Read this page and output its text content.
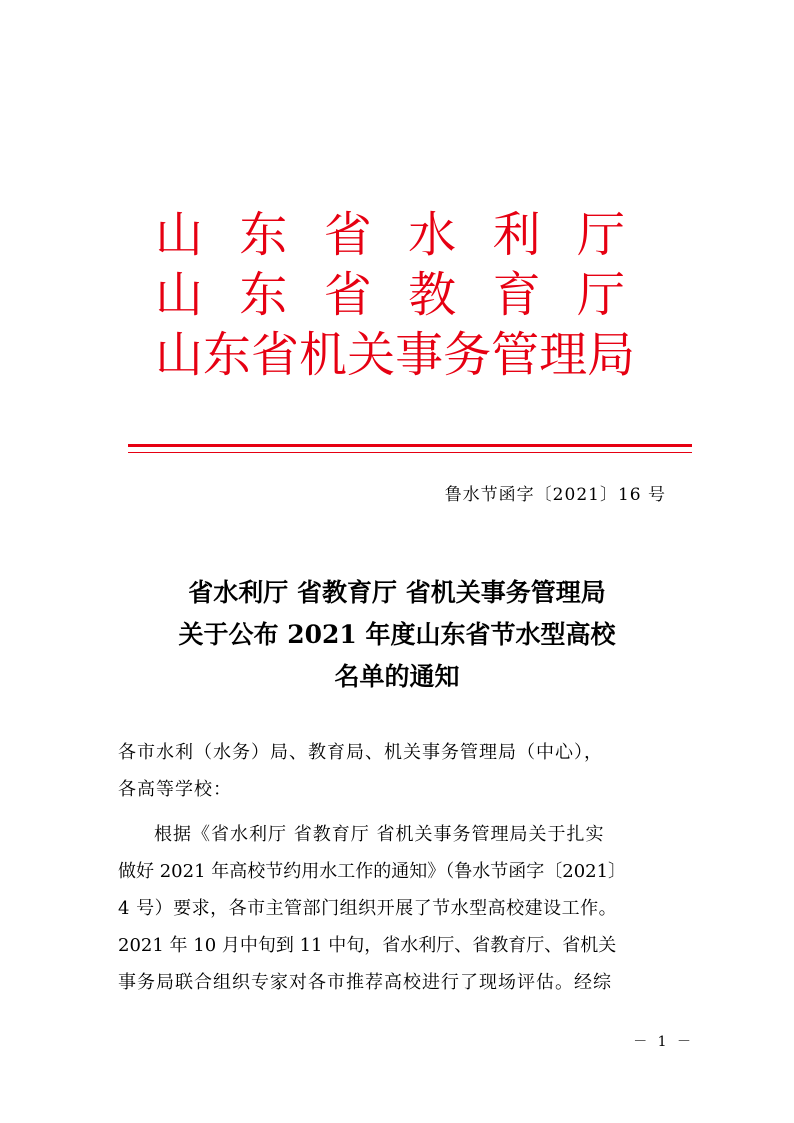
山 东 省 水 利 厅
山 东 省 教 育 厅
山 东 省 机 关 事 务 管 理 局
鲁水节函字〔2021〕16 号
省水利厅 省教育厅 省机关事务管理局
关于公布 2021 年度山东省节水型高校
名单的通知
各市水利（水务）局、教育局、机关事务管理局（中心），
各高等学校：
根据《省水利厅 省教育厅 省机关事务管理局关于扎实
做好 2021 年高校节约用水工作的通知》（鲁水节函字〔2021〕
4 号）要求，各市主管部门组织开展了节水型高校建设工作。
2021 年 10 月中旬到 11 中旬，省水利厅、省教育厅、省机关
事务局联合组织专家对各市推荐高校进行了现场评估。经综
－ 1 －
